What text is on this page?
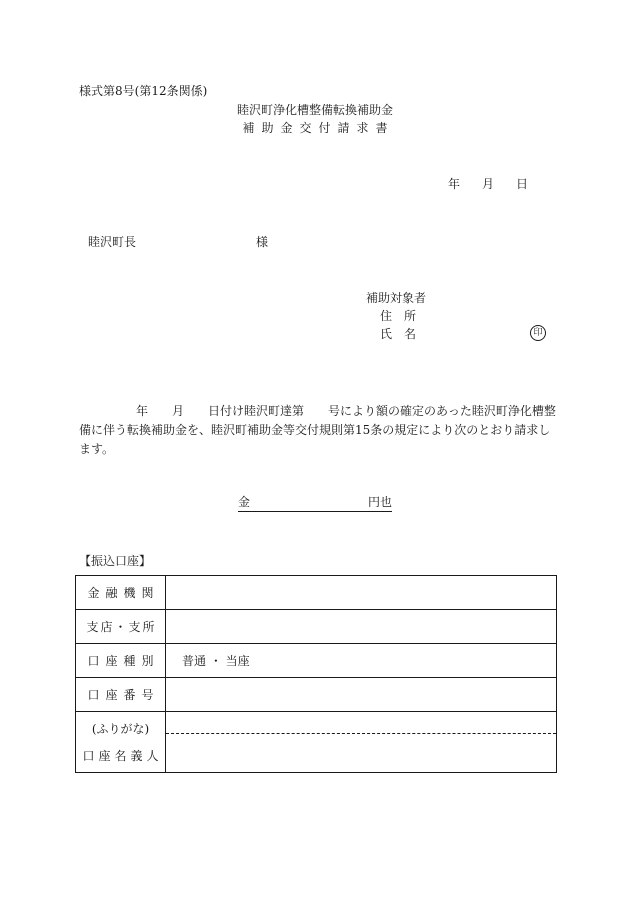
様式第8号(第12条関係)
睦沢町浄化槽整備転換補助金
補助金交付請求書
年 月 日
睦沢町長	様
補助対象者
住　所
氏　名	印
年 月 日付け睦沢町達第 号により額の確定のあった睦沢町浄化槽整備に伴う転換補助金を、睦沢町補助金等交付規則第15条の規定により次のとおり請求します。
金	円也
【振込口座】
金融機関	
支店・支所	
口座種別	普通 ・ 当座
口座番号	

(ふりがな)
口座名義人	
